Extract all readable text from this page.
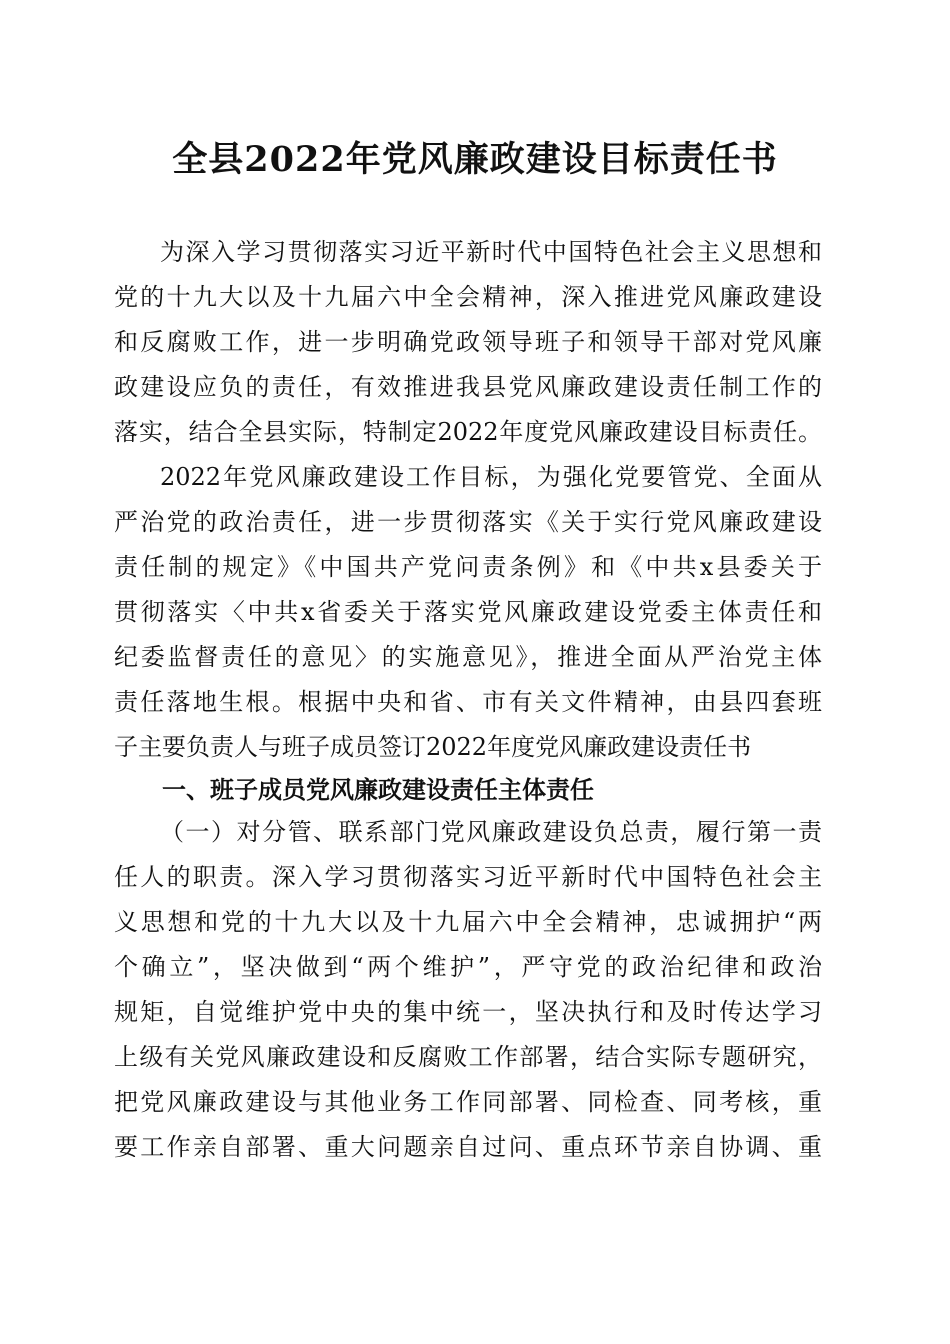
全县2022年党风廉政建设目标责任书
为深入学习贯彻落实习近平新时代中国特色社会主义思想和
党的十九大以及十九届六中全会精神，深入推进党风廉政建设
和反腐败工作，进一步明确党政领导班子和领导干部对党风廉
政建设应负的责任，有效推进我县党风廉政建设责任制工作的
落实，结合全县实际，特制定2022年度党风廉政建设目标责任。
2022年党风廉政建设工作目标，为强化党要管党、全面从
严治党的政治责任，进一步贯彻落实《关于实行党风廉政建设
责任制的规定》《中国共产党问责条例》和《中共x县委关于
贯彻落实〈中共x省委关于落实党风廉政建设党委主体责任和
纪委监督责任的意见〉的实施意见》，推进全面从严治党主体
责任落地生根。根据中央和省、市有关文件精神，由县四套班
子主要负责人与班子成员签订2022年度党风廉政建设责任书
一、班子成员党风廉政建设责任主体责任
（一）对分管、联系部门党风廉政建设负总责，履行第一责
任人的职责。深入学习贯彻落实习近平新时代中国特色社会主
义思想和党的十九大以及十九届六中全会精神，忠诚拥护“两
个确立”，坚决做到“两个维护”，严守党的政治纪律和政治
规矩，自觉维护党中央的集中统一，坚决执行和及时传达学习
上级有关党风廉政建设和反腐败工作部署，结合实际专题研究，
把党风廉政建设与其他业务工作同部署、同检查、同考核，重
要工作亲自部署、重大问题亲自过问、重点环节亲自协调、重
